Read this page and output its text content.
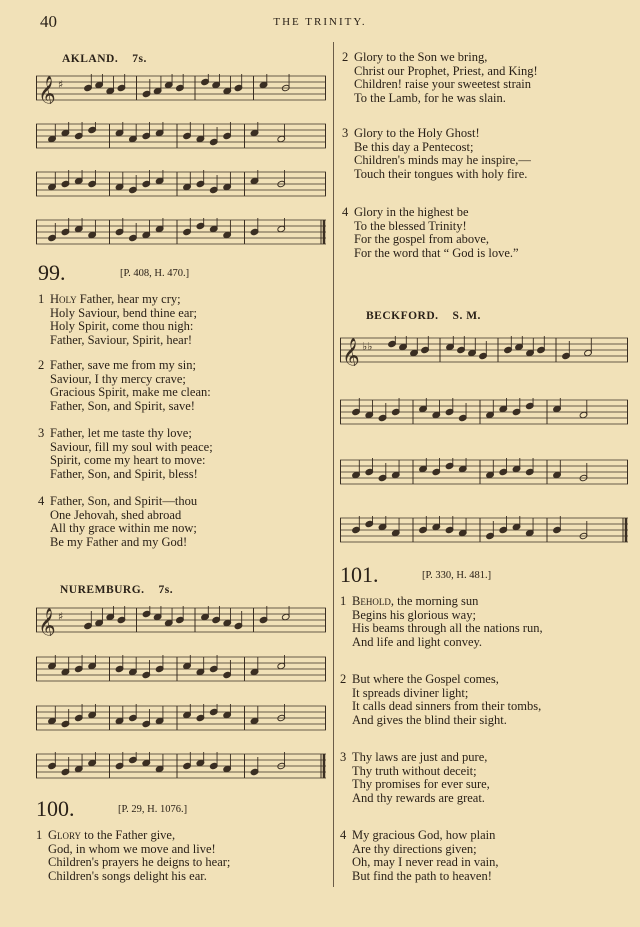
40	THE TRINITY.
AKLAND. 7s.
𝄞 ♯
99.	[P. 408, H. 470.]
1 Holy Father, hear my cry;
Holy Saviour, bend thine ear;
Holy Spirit, come thou nigh:
Father, Saviour, Spirit, hear!
2 Father, save me from my sin;
Saviour, I thy mercy crave;
Gracious Spirit, make me clean:
Father, Son, and Spirit, save!
3 Father, let me taste thy love;
Saviour, fill my soul with peace;
Spirit, come my heart to move:
Father, Son, and Spirit, bless!
4 Father, Son, and Spirit—thou
One Jehovah, shed abroad
All thy grace within me now;
Be my Father and my God!
NUREMBURG. 7s.
𝄞 ♯
100.	[P. 29, H. 1076.]
1 Glory to the Father give,
God, in whom we move and live!
Children's prayers he deigns to hear;
Children's songs delight his ear.
2 Glory to the Son we bring,
Christ our Prophet, Priest, and King!
Children! raise your sweetest strain
To the Lamb, for he was slain.
3 Glory to the Holy Ghost!
Be this day a Pentecost;
Children's minds may he inspire,—
Touch their tongues with holy fire.
4 Glory in the highest be
To the blessed Trinity!
For the gospel from above,
For the word that “ God is love.”
BECKFORD. S. M.
𝄞 ♭♭
101.	[P. 330, H. 481.]
1 Behold, the morning sun
Begins his glorious way;
His beams through all the nations run,
And life and light convey.
2 But where the Gospel comes,
It spreads diviner light;
It calls dead sinners from their tombs,
And gives the blind their sight.
3 Thy laws are just and pure,
Thy truth without deceit;
Thy promises for ever sure,
And thy rewards are great.
4 My gracious God, how plain
Are thy directions given;
Oh, may I never read in vain,
But find the path to heaven!
